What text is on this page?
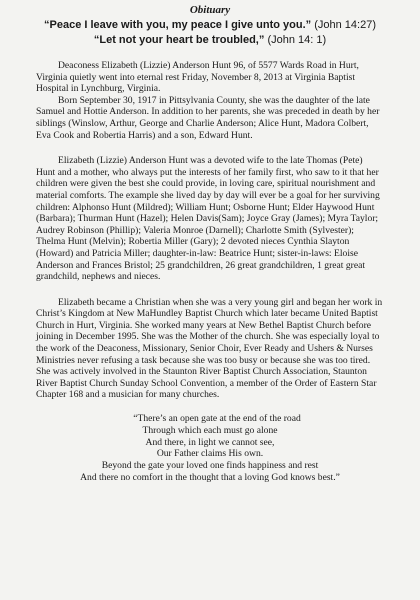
Obituary

“Peace I leave with you, my peace I give unto you.” (John 14:27)

“Let not your heart be troubled,” (John 14: 1)

Deaconess Elizabeth (Lizzie) Anderson Hunt 96, of 5577 Wards Road in Hurt, Virginia quietly went into eternal rest Friday, November 8, 2013 at Virginia Baptist Hospital in Lynchburg, Virginia.

Born September 30, 1917 in Pittsylvania County, she was the daughter of the late Samuel and Hottie Anderson. In addition to her parents, she was preceded in death by her siblings (Winslow, Arthur, George and Charlie Anderson; Alice Hunt, Madora Colbert, Eva Cook and Robertia Harris) and a son, Edward Hunt.

Elizabeth (Lizzie) Anderson Hunt was a devoted wife to the late Thomas (Pete) Hunt and a mother, who always put the interests of her family first, who saw to it that her children were given the best she could provide, in loving care, spiritual nourishment and material comforts. The example she lived day by day will ever be a goal for her surviving children: Alphonso Hunt (Mildred); William Hunt; Osborne Hunt; Elder Haywood Hunt (Barbara); Thurman Hunt (Hazel); Helen Davis(Sam); Joyce Gray (James); Myra Taylor; Audrey Robinson (Phillip); Valeria Monroe (Darnell); Charlotte Smith (Sylvester); Thelma Hunt (Melvin); Robertia Miller (Gary); 2 devoted nieces Cynthia Slayton (Howard) and Patricia Miller; daughter-in-law: Beatrice Hunt; sister-in-laws: Eloise Anderson and Frances Bristol; 25 grandchildren, 26 great grandchildren, 1 great great grandchild, nephews and nieces.

Elizabeth became a Christian when she was a very young girl and began her work in Christ’s Kingdom at New MaHundley Baptist Church which later became United Baptist Church in Hurt, Virginia. She worked many years at New Bethel Baptist Church before joining in December 1995. She was the Mother of the church. She was especially loyal to the work of the Deaconess, Missionary, Senior Choir, Ever Ready and Ushers & Nurses Ministries never refusing a task because she was too busy or because she was too tired. She was actively involved in the Staunton River Baptist Church Association, Staunton River Baptist Church Sunday School Convention, a member of the Order of Eastern Star Chapter 168 and a musician for many churches.

“There’s an open gate at the end of the road
Through which each must go alone
And there, in light we cannot see,
Our Father claims His own.
Beyond the gate your loved one finds happiness and rest
And there no comfort in the thought that a loving God knows best.”
